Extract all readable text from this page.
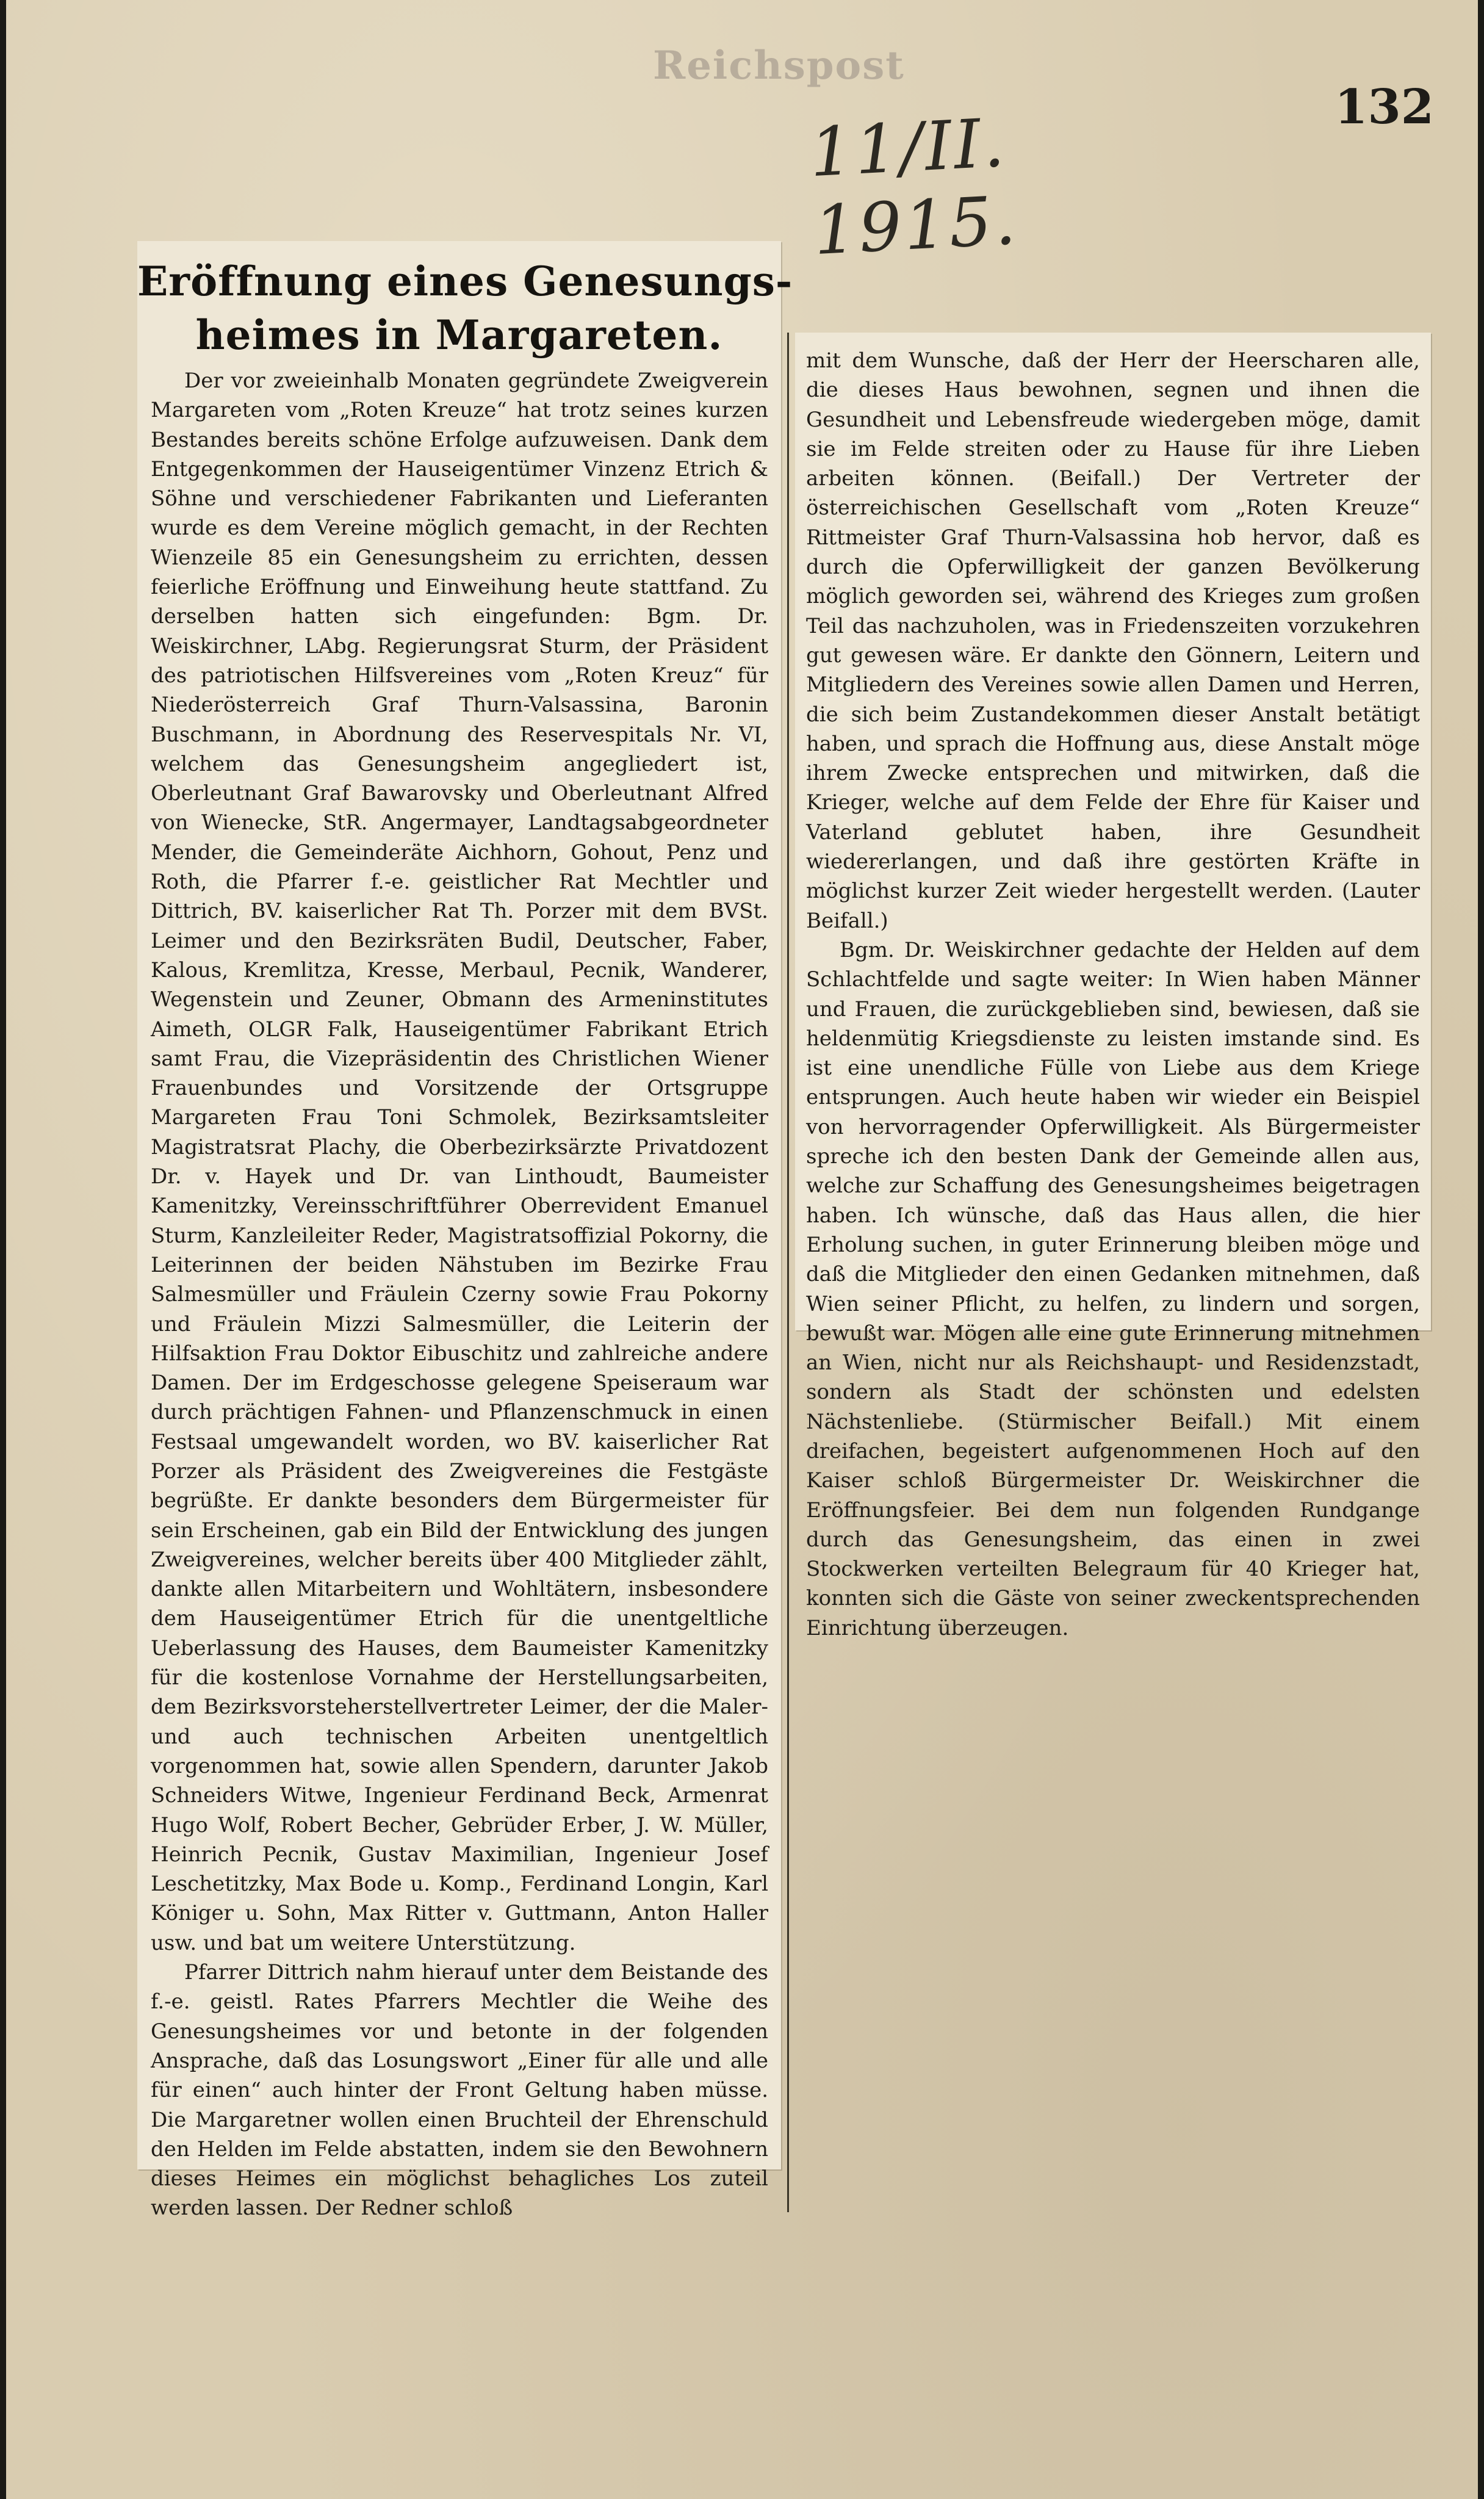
Reichspost
11/II. 1915.
132
Eröffnung eines Genesungs-
heimes in Margareten.

Der vor zweieinhalb Monaten gegründete Zweigverein Margareten vom „Roten Kreuze“ hat trotz seines kurzen Bestandes bereits schöne Erfolge aufzuweisen. Dank dem Entgegenkommen der Hauseigentümer Vinzenz Etrich & Söhne und verschiedener Fabrikanten und Lieferanten wurde es dem Vereine möglich gemacht, in der Rechten Wienzeile 85 ein Genesungsheim zu errichten, dessen feierliche Eröffnung und Einweihung heute stattfand. Zu derselben hatten sich eingefunden: Bgm. Dr. Weiskirchner, LAbg. Regierungsrat Sturm, der Präsident des patriotischen Hilfsvereines vom „Roten Kreuz“ für Niederösterreich Graf Thurn-Valsassina, Baronin Buschmann, in Abordnung des Reservespitals Nr. VI, welchem das Genesungsheim angegliedert ist, Oberleutnant Graf Bawarovsky und Oberleutnant Alfred von Wienecke, StR. Angermayer, Landtagsabgeordneter Mender, die Gemeinderäte Aichhorn, Gohout, Penz und Roth, die Pfarrer f.-e. geistlicher Rat Mechtler und Dittrich, BV. kaiserlicher Rat Th. Porzer mit dem BVSt. Leimer und den Bezirksräten Budil, Deutscher, Faber, Kalous, Kremlitza, Kresse, Merbaul, Pecnik, Wanderer, Wegenstein und Zeuner, Obmann des Armeninstitutes Aimeth, OLGR Falk, Hauseigentümer Fabrikant Etrich samt Frau, die Vizepräsidentin des Christlichen Wiener Frauenbundes und Vorsitzende der Ortsgruppe Margareten Frau Toni Schmolek, Bezirksamtsleiter Magistratsrat Plachy, die Oberbezirksärzte Privatdozent Dr. v. Hayek und Dr. van Linthoudt, Baumeister Kamenitzky, Vereinsschriftführer Oberrevident Emanuel Sturm, Kanzleileiter Reder, Magistratsoffizial Pokorny, die Leiterinnen der beiden Nähstuben im Bezirke Frau Salmesmüller und Fräulein Czerny sowie Frau Pokorny und Fräulein Mizzi Salmesmüller, die Leiterin der Hilfsaktion Frau Doktor Eibuschitz und zahlreiche andere Damen. Der im Erdgeschosse gelegene Speiseraum war durch prächtigen Fahnen- und Pflanzenschmuck in einen Festsaal umgewandelt worden, wo BV. kaiserlicher Rat Porzer als Präsident des Zweigvereines die Festgäste begrüßte. Er dankte besonders dem Bürgermeister für sein Erscheinen, gab ein Bild der Entwicklung des jungen Zweigvereines, welcher bereits über 400 Mitglieder zählt, dankte allen Mitarbeitern und Wohltätern, insbesondere dem Hauseigentümer Etrich für die unentgeltliche Ueberlassung des Hauses, dem Baumeister Kamenitzky für die kostenlose Vornahme der Herstellungsarbeiten, dem Bezirksvorsteherstellvertreter Leimer, der die Maler- und auch technischen Arbeiten unentgeltlich vorgenommen hat, sowie allen Spendern, darunter Jakob Schneiders Witwe, Ingenieur Ferdinand Beck, Armenrat Hugo Wolf, Robert Becher, Gebrüder Erber, J. W. Müller, Heinrich Pecnik, Gustav Maximilian, Ingenieur Josef Leschetitzky, Max Bode u. Komp., Ferdinand Longin, Karl Königer u. Sohn, Max Ritter v. Guttmann, Anton Haller usw. und bat um weitere Unterstützung.

Pfarrer Dittrich nahm hierauf unter dem Beistande des f.-e. geistl. Rates Pfarrers Mechtler die Weihe des Genesungsheimes vor und betonte in der folgenden Ansprache, daß das Losungswort „Einer für alle und alle für einen“ auch hinter der Front Geltung haben müsse. Die Margaretner wollen einen Bruchteil der Ehrenschuld den Helden im Felde abstatten, indem sie den Bewohnern dieses Heimes ein möglichst behagliches Los zuteil werden lassen. Der Redner schloß

mit dem Wunsche, daß der Herr der Heerscharen alle, die dieses Haus bewohnen, segnen und ihnen die Gesundheit und Lebensfreude wiedergeben möge, damit sie im Felde streiten oder zu Hause für ihre Lieben arbeiten können. (Beifall.) Der Vertreter der österreichischen Gesellschaft vom „Roten Kreuze“ Rittmeister Graf Thurn-Valsassina hob hervor, daß es durch die Opferwilligkeit der ganzen Bevölkerung möglich geworden sei, während des Krieges zum großen Teil das nachzuholen, was in Friedenszeiten vorzukehren gut gewesen wäre. Er dankte den Gönnern, Leitern und Mitgliedern des Vereines sowie allen Damen und Herren, die sich beim Zustandekommen dieser Anstalt betätigt haben, und sprach die Hoffnung aus, diese Anstalt möge ihrem Zwecke entsprechen und mitwirken, daß die Krieger, welche auf dem Felde der Ehre für Kaiser und Vaterland geblutet haben, ihre Gesundheit wiedererlangen, und daß ihre gestörten Kräfte in möglichst kurzer Zeit wieder hergestellt werden. (Lauter Beifall.)

Bgm. Dr. Weiskirchner gedachte der Helden auf dem Schlachtfelde und sagte weiter: In Wien haben Männer und Frauen, die zurückgeblieben sind, bewiesen, daß sie heldenmütig Kriegsdienste zu leisten imstande sind. Es ist eine unendliche Fülle von Liebe aus dem Kriege entsprungen. Auch heute haben wir wieder ein Beispiel von hervorragender Opferwilligkeit. Als Bürgermeister spreche ich den besten Dank der Gemeinde allen aus, welche zur Schaffung des Genesungsheimes beigetragen haben. Ich wünsche, daß das Haus allen, die hier Erholung suchen, in guter Erinnerung bleiben möge und daß die Mitglieder den einen Gedanken mitnehmen, daß Wien seiner Pflicht, zu helfen, zu lindern und sorgen, bewußt war. Mögen alle eine gute Erinnerung mitnehmen an Wien, nicht nur als Reichshaupt- und Residenzstadt, sondern als Stadt der schönsten und edelsten Nächstenliebe. (Stürmischer Beifall.) Mit einem dreifachen, begeistert aufgenommenen Hoch auf den Kaiser schloß Bürgermeister Dr. Weiskirchner die Eröffnungsfeier. Bei dem nun folgenden Rundgange durch das Genesungsheim, das einen in zwei Stockwerken verteilten Belegraum für 40 Krieger hat, konnten sich die Gäste von seiner zweckentsprechenden Einrichtung überzeugen.
